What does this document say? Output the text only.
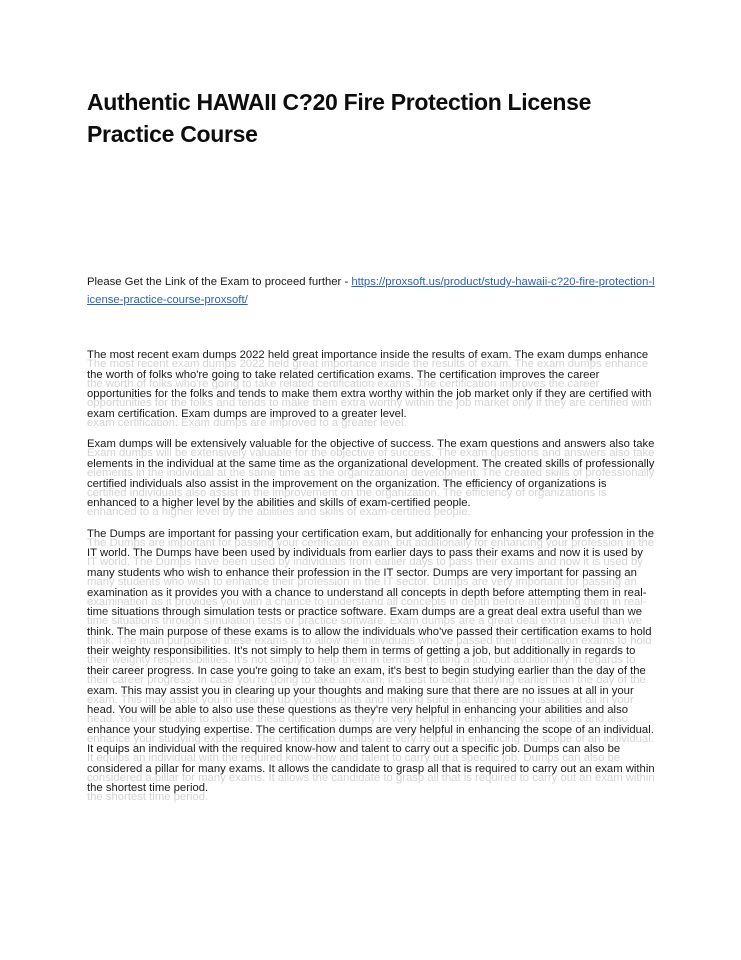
Authentic HAWAII C?20 Fire Protection License Practice Course

Please Get the Link of the Exam to proceed further - https://proxsoft.us/product/study-hawaii-c?20-fire-protection-license-practice-course-proxsoft/

The most recent exam dumps 2022 held great importance inside the results of exam. The exam dumps enhance the worth of folks who're going to take related certification exams. The certification improves the career opportunities for the folks and tends to make them extra worthy within the job market only if they are certified with exam certification. Exam dumps are improved to a greater level.

Exam dumps will be extensively valuable for the objective of success. The exam questions and answers also take elements in the individual at the same time as the organizational development. The created skills of professionally certified individuals also assist in the improvement on the organization. The efficiency of organizations is enhanced to a higher level by the abilities and skills of exam-certified people.

The Dumps are important for passing your certification exam, but additionally for enhancing your profession in the IT world. The Dumps have been used by individuals from earlier days to pass their exams and now it is used by many students who wish to enhance their profession in the IT sector. Dumps are very important for passing an examination as it provides you with a chance to understand all concepts in depth before attempting them in real-time situations through simulation tests or practice software. Exam dumps are a great deal extra useful than we think. The main purpose of these exams is to allow the individuals who've passed their certification exams to hold their weighty responsibilities. It's not simply to help them in terms of getting a job, but additionally in regards to their career progress. In case you're going to take an exam, it's best to begin studying earlier than the day of the exam. This may assist you in clearing up your thoughts and making sure that there are no issues at all in your head. You will be able to also use these questions as they're very helpful in enhancing your abilities and also enhance your studying expertise. The certification dumps are very helpful in enhancing the scope of an individual. It equips an individual with the required know-how and talent to carry out a specific job. Dumps can also be considered a pillar for many exams. It allows the candidate to grasp all that is required to carry out an exam within the shortest time period.
